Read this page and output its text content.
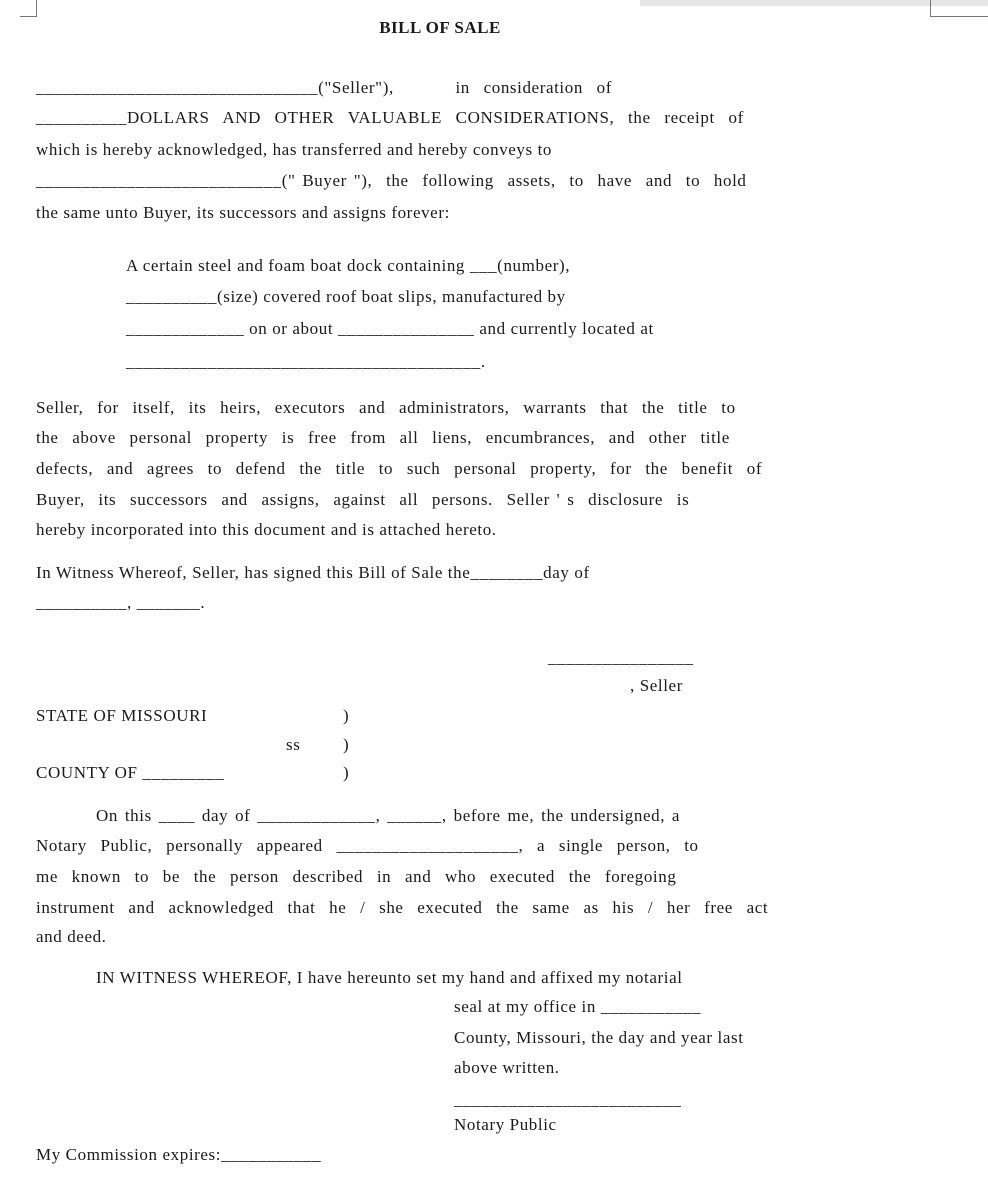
BILL OF SALE
_______________________________("Seller"),         in  consideration  of
__________DOLLARS  AND  OTHER  VALUABLE  CONSIDERATIONS,  the  receipt  of
which is hereby acknowledged, has transferred and hereby conveys to
___________________________(" Buyer "),  the  following  assets,  to  have  and  to  hold
the same unto Buyer, its successors and assigns forever:
A certain steel and foam boat dock containing ___(number),
__________(size) covered roof boat slips, manufactured by
_____________ on or about _______________ and currently located at
_______________________________________.
Seller,  for  itself,  its  heirs,  executors  and  administrators,  warrants  that  the  title  to
the  above  personal  property  is  free  from  all  liens,  encumbrances,  and  other  title
defects,  and  agrees  to  defend  the  title  to  such  personal  property,  for  the  benefit  of
Buyer,  its  successors  and  assigns,  against  all  persons.  Seller ' s  disclosure  is
hereby incorporated into this document and is attached hereto.
In Witness Whereof, Seller, has signed this Bill of Sale the________day of
__________, _______.
________________
, Seller
STATE OF MISSOURI	)
ss	)
COUNTY OF _________	)
On this ____ day of _____________, ______, before me, the undersigned, a
Notary  Public,  personally  appeared  ____________________,  a  single  person,  to
me  known  to  be  the  person  described  in  and  who  executed  the  foregoing
instrument  and  acknowledged  that  he  /  she  executed  the  same  as  his  /  her  free  act
and deed.
IN WITNESS WHEREOF, I have hereunto set my hand and affixed my notarial
seal at my office in ___________
County, Missouri, the day and year last
above written.
_________________________
Notary Public
My Commission expires:___________
